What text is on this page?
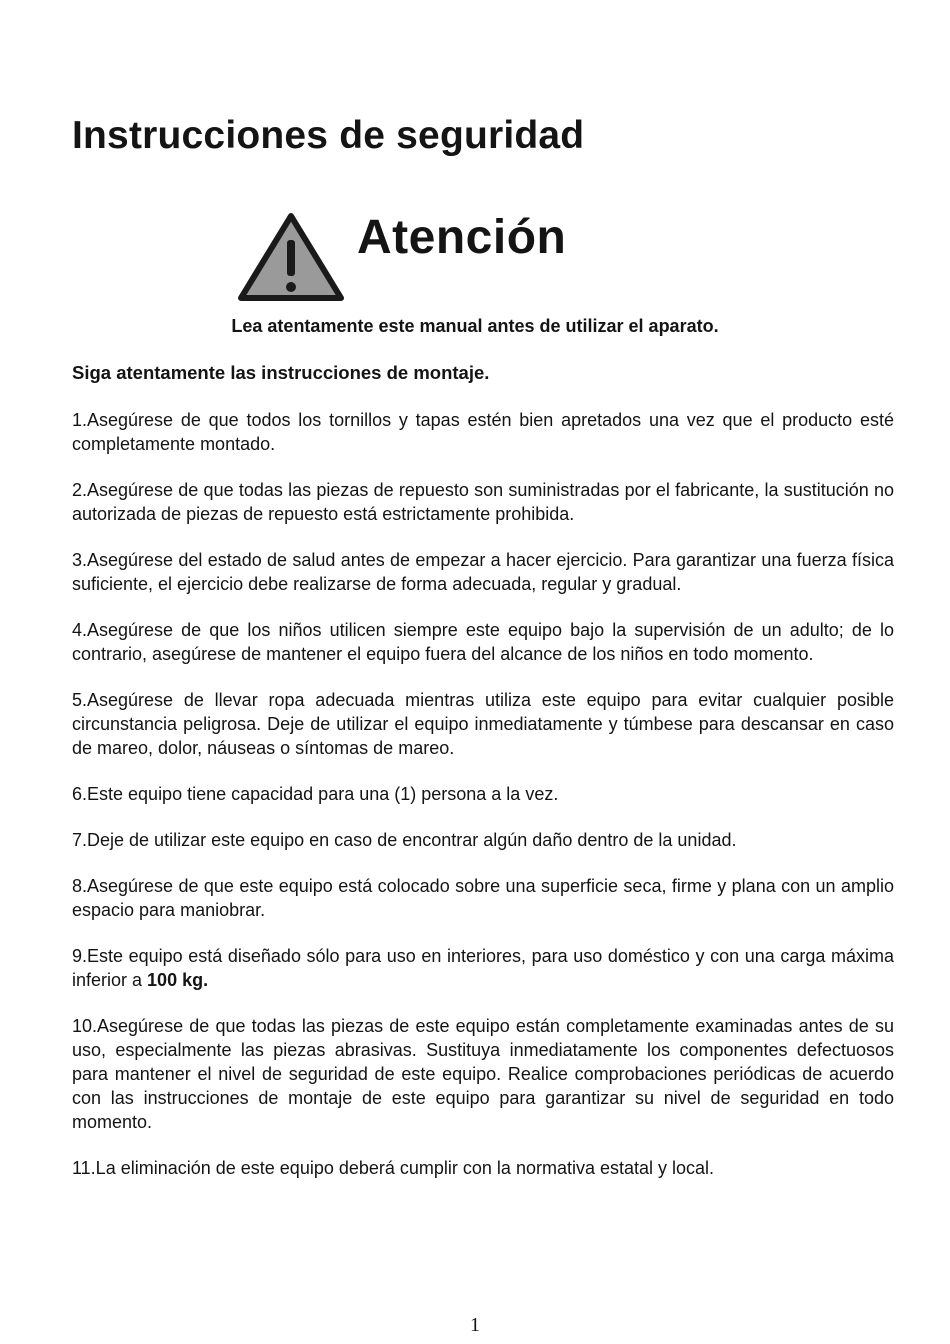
Instrucciones de seguridad
Atención
Lea atentamente este manual antes de utilizar el aparato.
Siga atentamente las instrucciones de montaje.
1.Asegúrese de que todos los tornillos y tapas estén bien apretados una vez que el producto esté completamente montado.
2.Asegúrese de que todas las piezas de repuesto son suministradas por el fabricante, la sustitución no autorizada de piezas de repuesto está estrictamente prohibida.
3.Asegúrese del estado de salud antes de empezar a hacer ejercicio. Para garantizar una fuerza física suficiente, el ejercicio debe realizarse de forma adecuada, regular y gradual.
4.Asegúrese de que los niños utilicen siempre este equipo bajo la supervisión de un adulto; de lo contrario, asegúrese de mantener el equipo fuera del alcance de los niños en todo momento.
5.Asegúrese de llevar ropa adecuada mientras utiliza este equipo para evitar cualquier posible circunstancia peligrosa. Deje de utilizar el equipo inmediatamente y túmbese para descansar en caso de mareo, dolor, náuseas o síntomas de mareo.
6.Este equipo tiene capacidad para una (1) persona a la vez.
7.Deje de utilizar este equipo en caso de encontrar algún daño dentro de la unidad.
8.Asegúrese de que este equipo está colocado sobre una superficie seca, firme y plana con un amplio espacio para maniobrar.
9.Este equipo está diseñado sólo para uso en interiores, para uso doméstico y con una carga máxima inferior a 100 kg.
10.Asegúrese de que todas las piezas de este equipo están completamente examinadas antes de su uso, especialmente las piezas abrasivas. Sustituya inmediatamente los componentes defectuosos para mantener el nivel de seguridad de este equipo. Realice comprobaciones periódicas de acuerdo con las instrucciones de montaje de este equipo para garantizar su nivel de seguridad en todo momento.
11.La eliminación de este equipo deberá cumplir con la normativa estatal y local.
1
